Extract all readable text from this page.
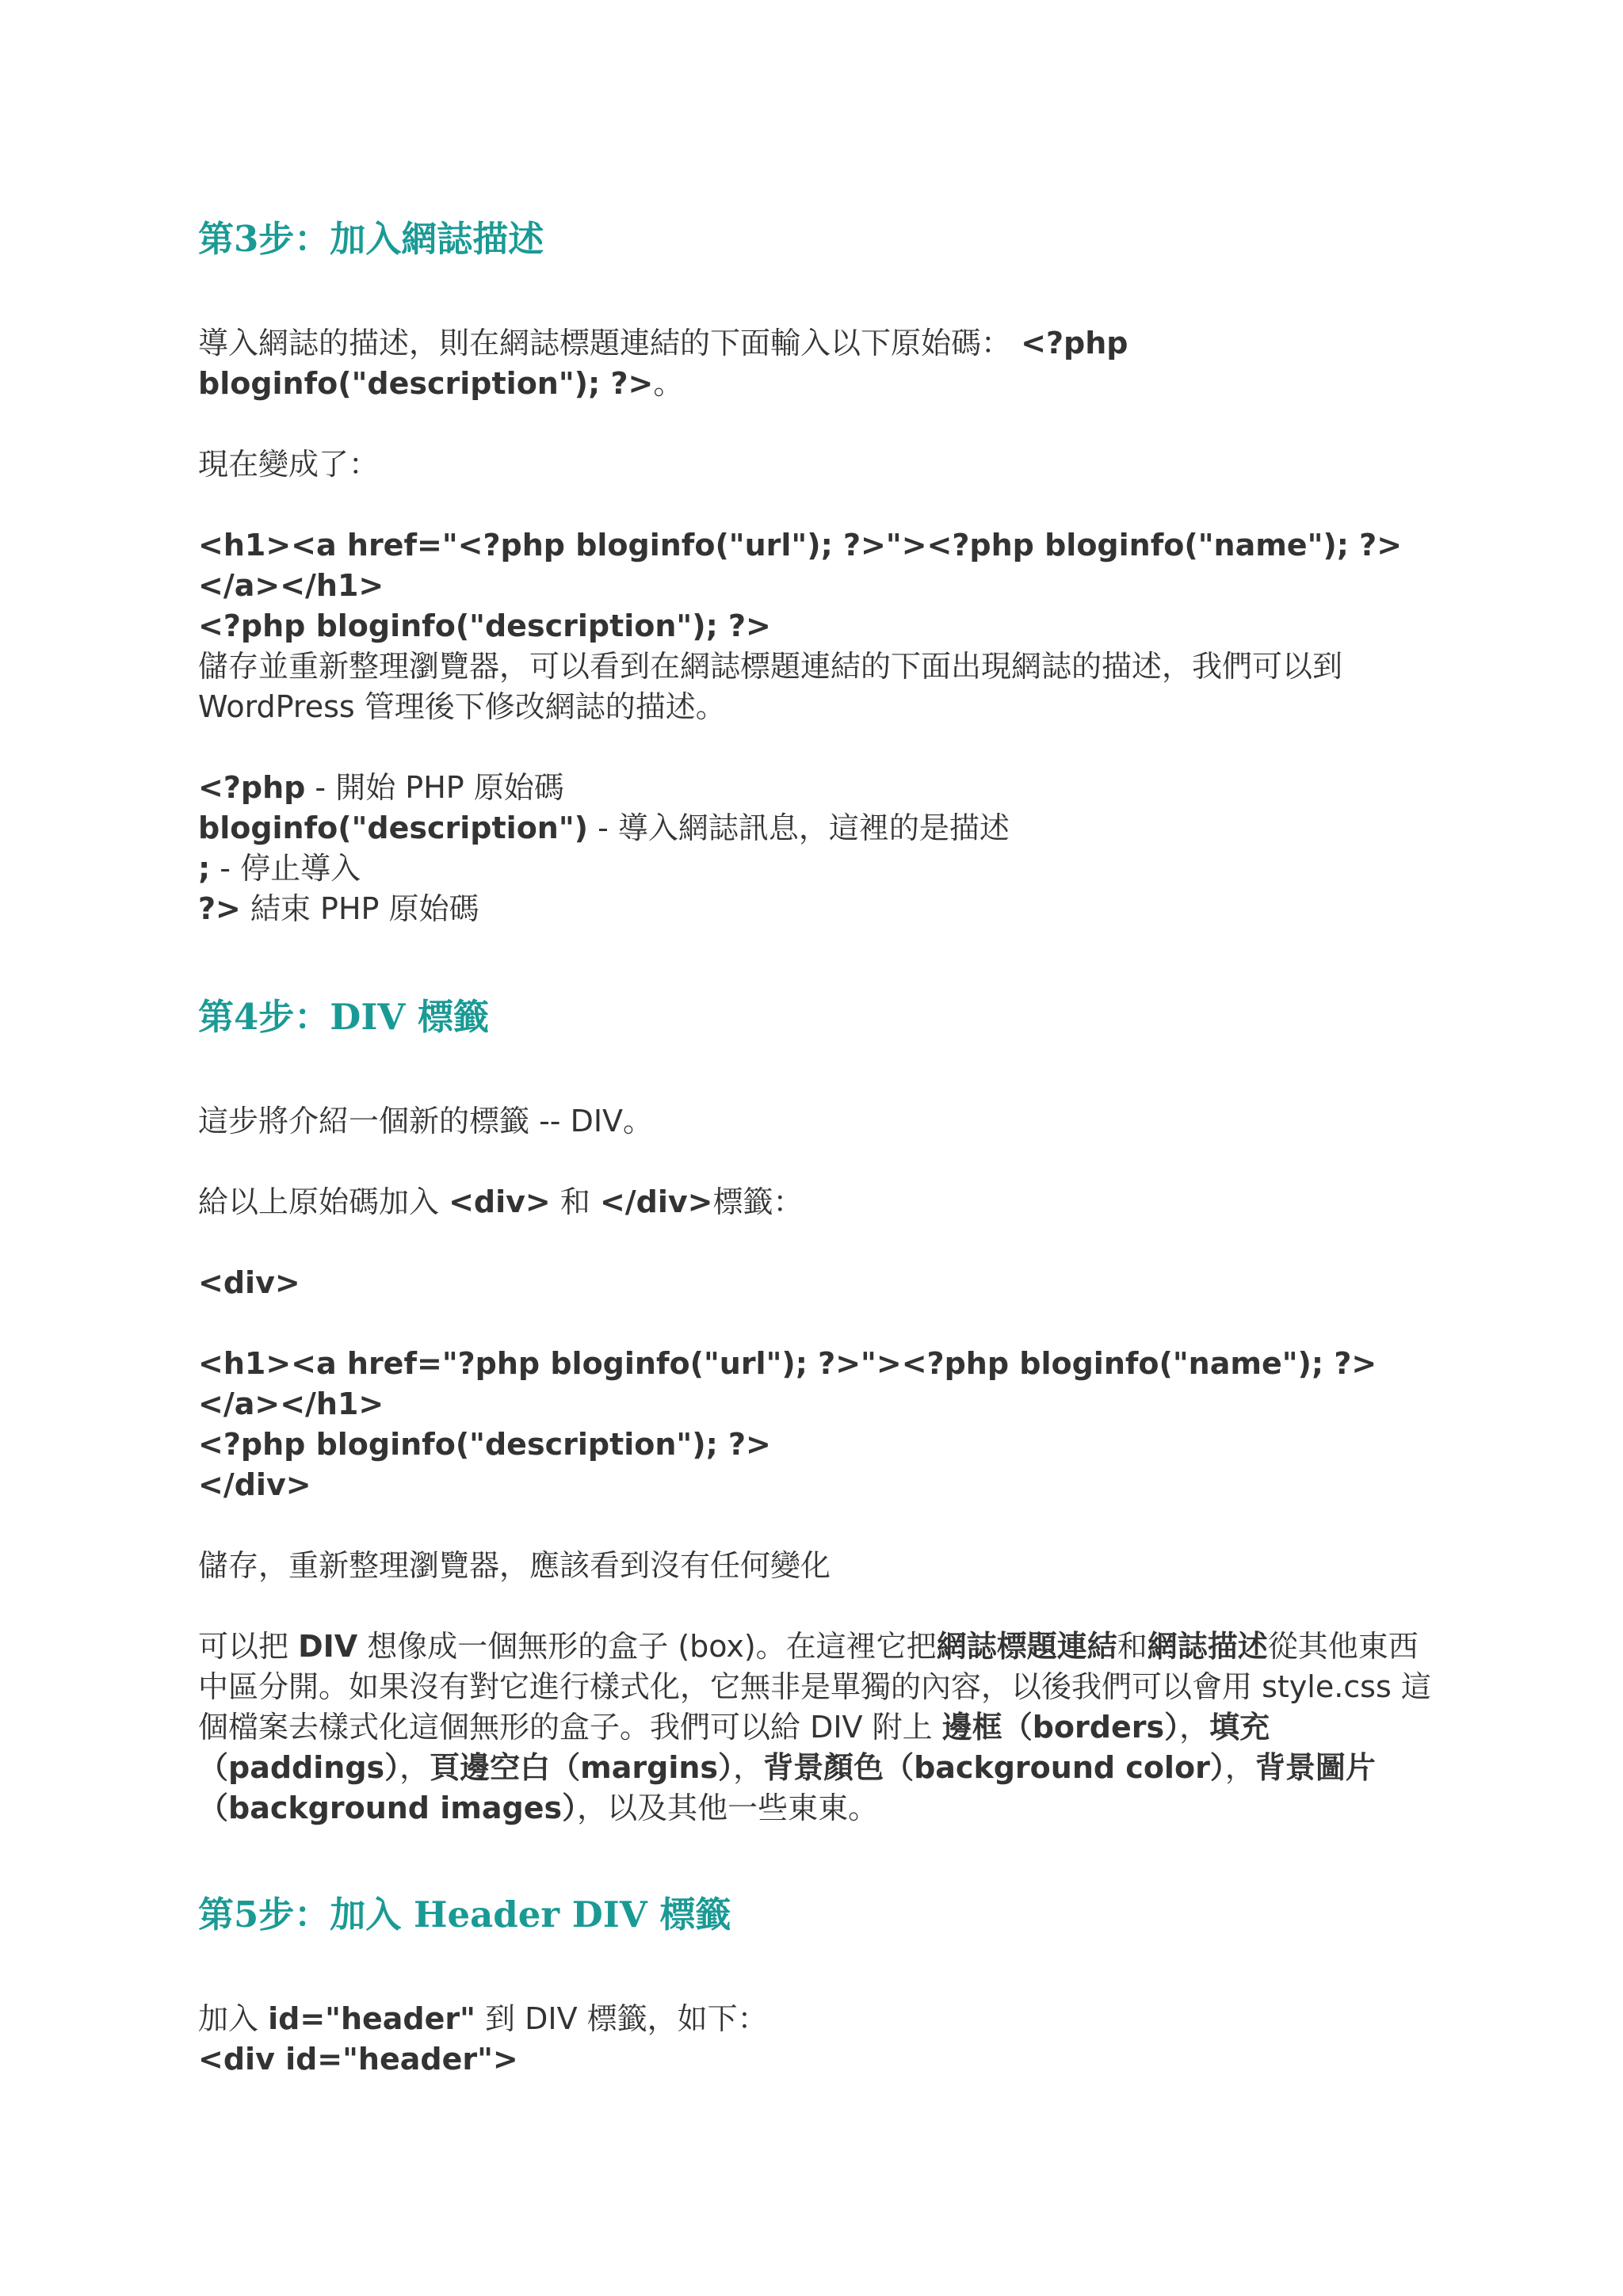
第3步：加入網誌描述

導入網誌的描述，則在網誌標題連結的下面輸入以下原始碼： <?php bloginfo("description"); ?>。

現在變成了：

<h1><a href="<?php bloginfo("url"); ?>"><?php bloginfo("name"); ?></a></h1>
<?php bloginfo("description"); ?>

儲存並重新整理瀏覽器，可以看到在網誌標題連結的下面出現網誌的描述，我們可以到 WordPress 管理後下修改網誌的描述。

<?php - 開始 PHP 原始碼
bloginfo("description") - 導入網誌訊息，這裡的是描述
; - 停止導入
?> 結束 PHP 原始碼

第4步：DIV 標籤

這步將介紹一個新的標籤 -- DIV。

給以上原始碼加入 <div> 和 </div>標籤：

<div>

<h1><a href="?php bloginfo("url"); ?>"><?php bloginfo("name"); ?></a></h1>
<?php bloginfo("description"); ?>

</div>

儲存，重新整理瀏覽器，應該看到沒有任何變化

可以把 DIV 想像成一個無形的盒子 (box)。在這裡它把網誌標題連結和網誌描述從其他東西中區分開。如果沒有對它進行樣式化，它無非是單獨的內容，以後我們可以會用 style.css 這個檔案去樣式化這個無形的盒子。我們可以給 DIV 附上 邊框（borders），填充（paddings），頁邊空白（margins），背景顏色（background color），背景圖片（background images），以及其他一些東東。

第5步：加入 Header DIV 標籤

加入 id="header" 到 DIV 標籤，如下：
<div id="header">
